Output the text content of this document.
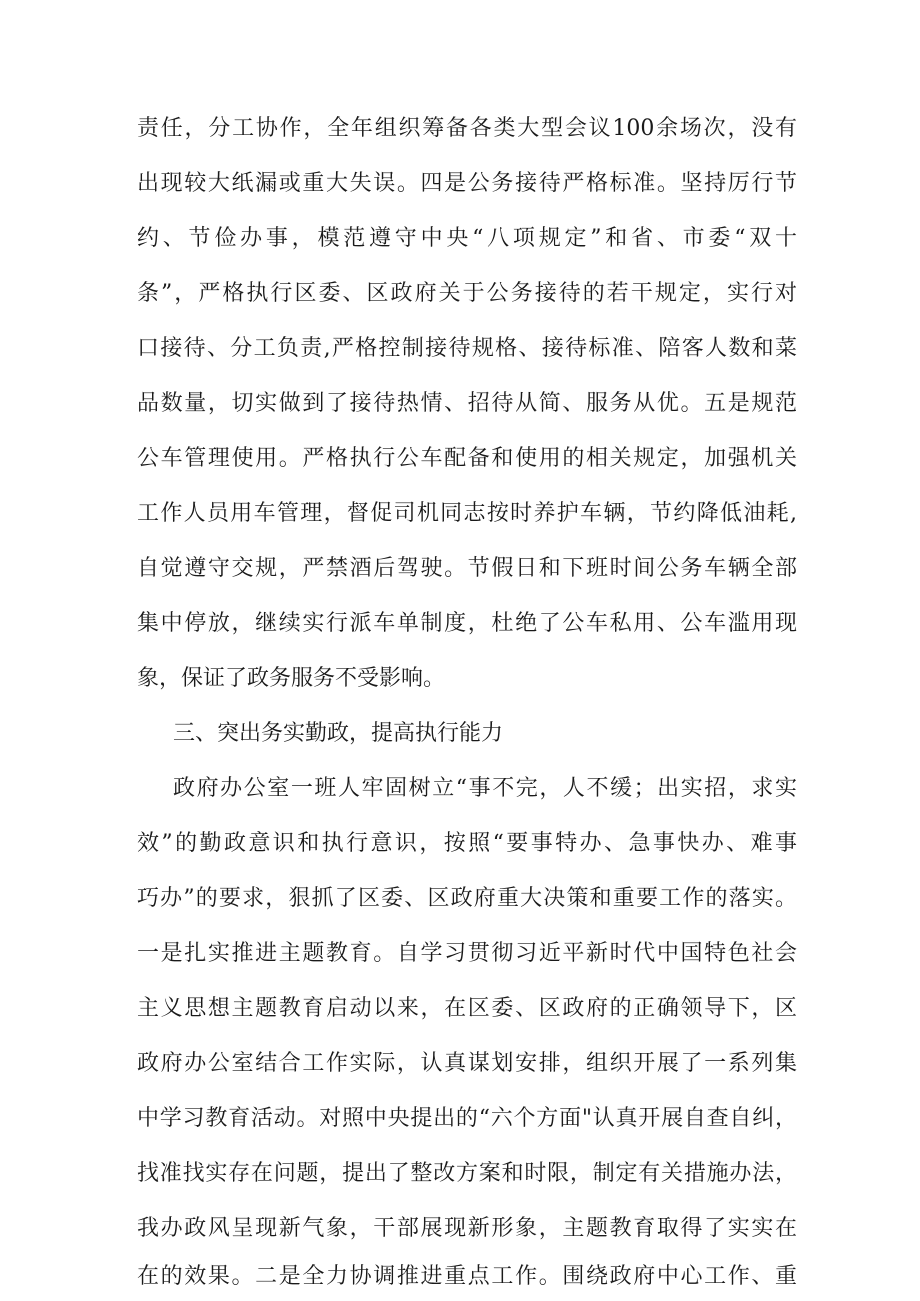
责任，分工协作，全年组织筹备各类大型会议100余场次，没有
出现较大纸漏或重大失误。四是公务接待严格标准。坚持厉行节
约、节俭办事，模范遵守中央“八项规定”和省、市委“双十
条”，严格执行区委、区政府关于公务接待的若干规定，实行对
口接待、分工负责,严格控制接待规格、接待标准、陪客人数和菜
品数量，切实做到了接待热情、招待从简、服务从优。五是规范
公车管理使用。严格执行公车配备和使用的相关规定，加强机关
工作人员用车管理，督促司机同志按时养护车辆，节约降低油耗,
自觉遵守交规，严禁酒后驾驶。节假日和下班时间公务车辆全部
集中停放，继续实行派车单制度，杜绝了公车私用、公车滥用现
象，保证了政务服务不受影响。
三、突出务实勤政，提高执行能力
政府办公室一班人牢固树立“事不完，人不缓；出实招，求实
效”的勤政意识和执行意识，按照“要事特办、急事快办、难事
巧办”的要求，狠抓了区委、区政府重大决策和重要工作的落实。
一是扎实推进主题教育。自学习贯彻习近平新时代中国特色社会
主义思想主题教育启动以来，在区委、区政府的正确领导下，区
政府办公室结合工作实际，认真谋划安排，组织开展了一系列集
中学习教育活动。对照中央提出的“六个方面"认真开展自查自纠，
找准找实存在问题，提出了整改方案和时限，制定有关措施办法，
我办政风呈现新气象，干部展现新形象，主题教育取得了实实在
在的效果。二是全力协调推进重点工作。围绕政府中心工作、重
